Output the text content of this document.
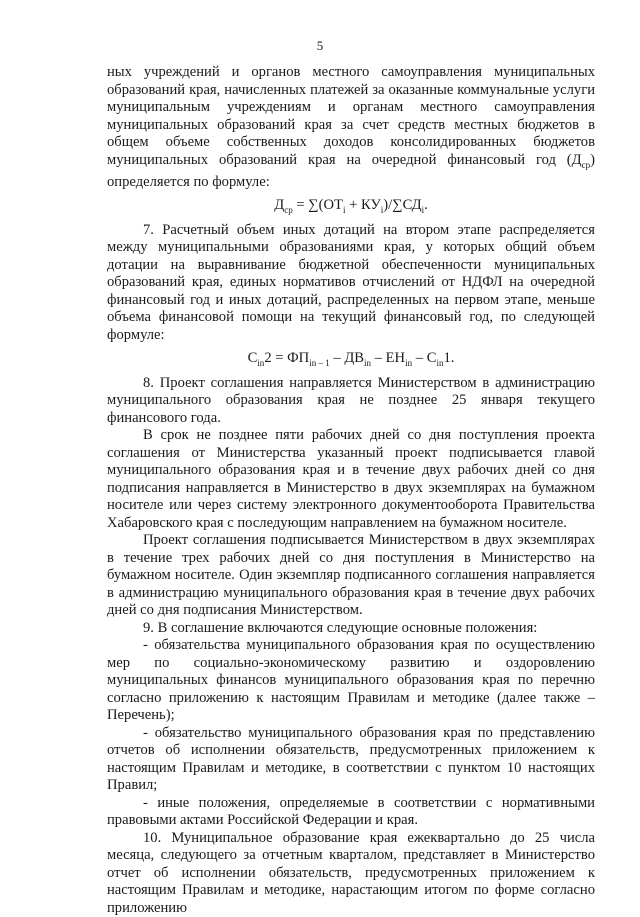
5

ных учреждений и органов местного самоуправления муниципальных образований края, начисленных платежей за оказанные коммунальные услуги муниципальным учреждениям и органам местного самоуправления муниципальных образований края за счет средств местных бюджетов в общем объеме собственных доходов консолидированных бюджетов муниципальных образований края на очередной финансовый год $(Д_{ср})$ определяется по формуле:

$Д_{ср} = \sum(ОТ_i + КУ_i)/\sum СД_i$.

7. Расчетный объем иных дотаций на втором этапе распределяется между муниципальными образованиями края, у которых общий объем дотации на выравнивание бюджетной обеспеченности муниципальных образований края, единых нормативов отчислений от НДФЛ на очередной финансовый год и иных дотаций, распределенных на первом этапе, меньше объема финансовой помощи на текущий финансовый год, по следующей формуле:

$С_{in}2 = ФП_{in - 1} - ДВ_{in} - ЕН_{in} - С_{in}1$.

8. Проект соглашения направляется Министерством в администрацию муниципального образования края не позднее 25 января текущего финансового года.

В срок не позднее пяти рабочих дней со дня поступления проекта соглашения от Министерства указанный проект подписывается главой муниципального образования края и в течение двух рабочих дней со дня подписания направляется в Министерство в двух экземплярах на бумажном носителе или через систему электронного документооборота Правительства Хабаровского края с последующим направлением на бумажном носителе.

Проект соглашения подписывается Министерством в двух экземплярах в течение трех рабочих дней со дня поступления в Министерство на бумажном носителе. Один экземпляр подписанного соглашения направляется в администрацию муниципального образования края в течение двух рабочих дней со дня подписания Министерством.

9. В соглашение включаются следующие основные положения:

- обязательства муниципального образования края по осуществлению мер по социально-экономическому развитию и оздоровлению муниципальных финансов муниципального образования края по перечню согласно приложению к настоящим Правилам и методике (далее также – Перечень);

- обязательство муниципального образования края по представлению отчетов об исполнении обязательств, предусмотренных приложением к настоящим Правилам и методике, в соответствии с пунктом 10 настоящих Правил;

- иные положения, определяемые в соответствии с нормативными правовыми актами Российской Федерации и края.

10. Муниципальное образование края ежеквартально до 25 числа месяца, следующего за отчетным кварталом, представляет в Министерство отчет об исполнении обязательств, предусмотренных приложением к настоящим Правилам и методике, нарастающим итогом по форме согласно приложению
